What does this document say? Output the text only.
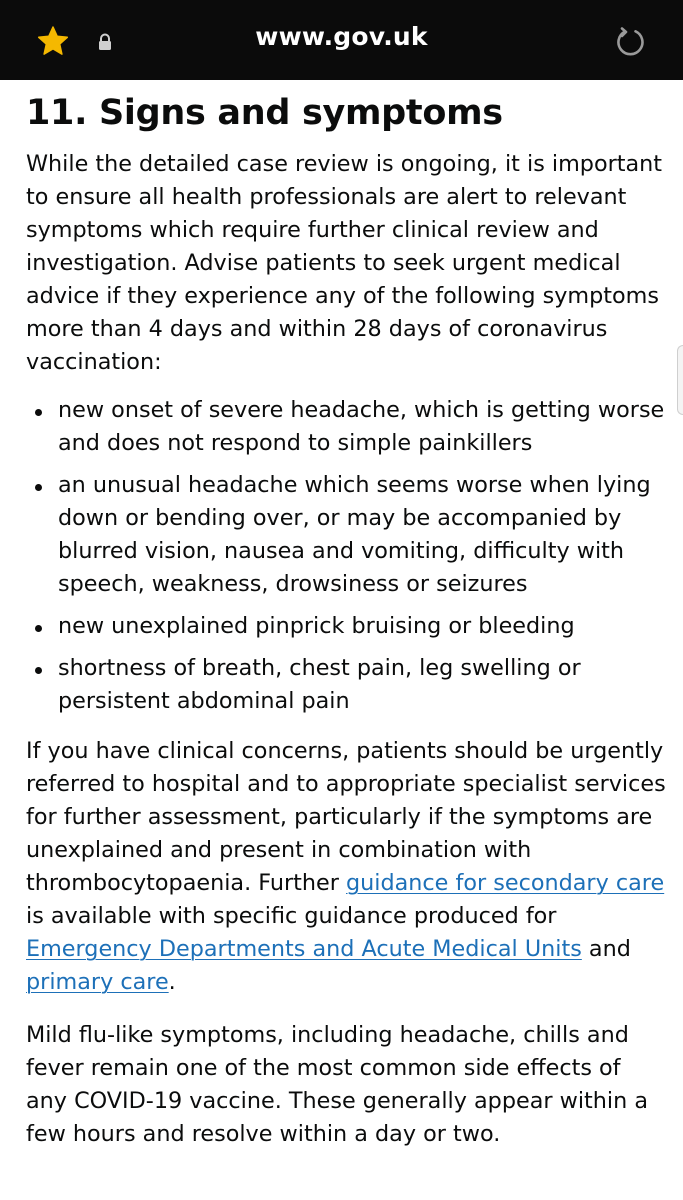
www.gov.uk
11. Signs and symptoms

While the detailed case review is ongoing, it is important to ensure all health professionals are alert to relevant symptoms which require further clinical review and investigation. Advise patients to seek urgent medical advice if they experience any of the following symptoms more than 4 days and within 28 days of coronavirus vaccination:

new onset of severe headache, which is getting worse and does not respond to simple painkillers
an unusual headache which seems worse when lying down or bending over, or may be accompanied by blurred vision, nausea and vomiting, difficulty with speech, weakness, drowsiness or seizures
new unexplained pinprick bruising or bleeding
shortness of breath, chest pain, leg swelling or persistent abdominal pain

If you have clinical concerns, patients should be urgently referred to hospital and to appropriate specialist services for further assessment, particularly if the symptoms are unexplained and present in combination with thrombocytopaenia. Further guidance for secondary care is available with specific guidance produced for Emergency Departments and Acute Medical Units and primary care.

Mild flu-like symptoms, including headache, chills and fever remain one of the most common side effects of any COVID-19 vaccine. These generally appear within a few hours and resolve within a day or two.
